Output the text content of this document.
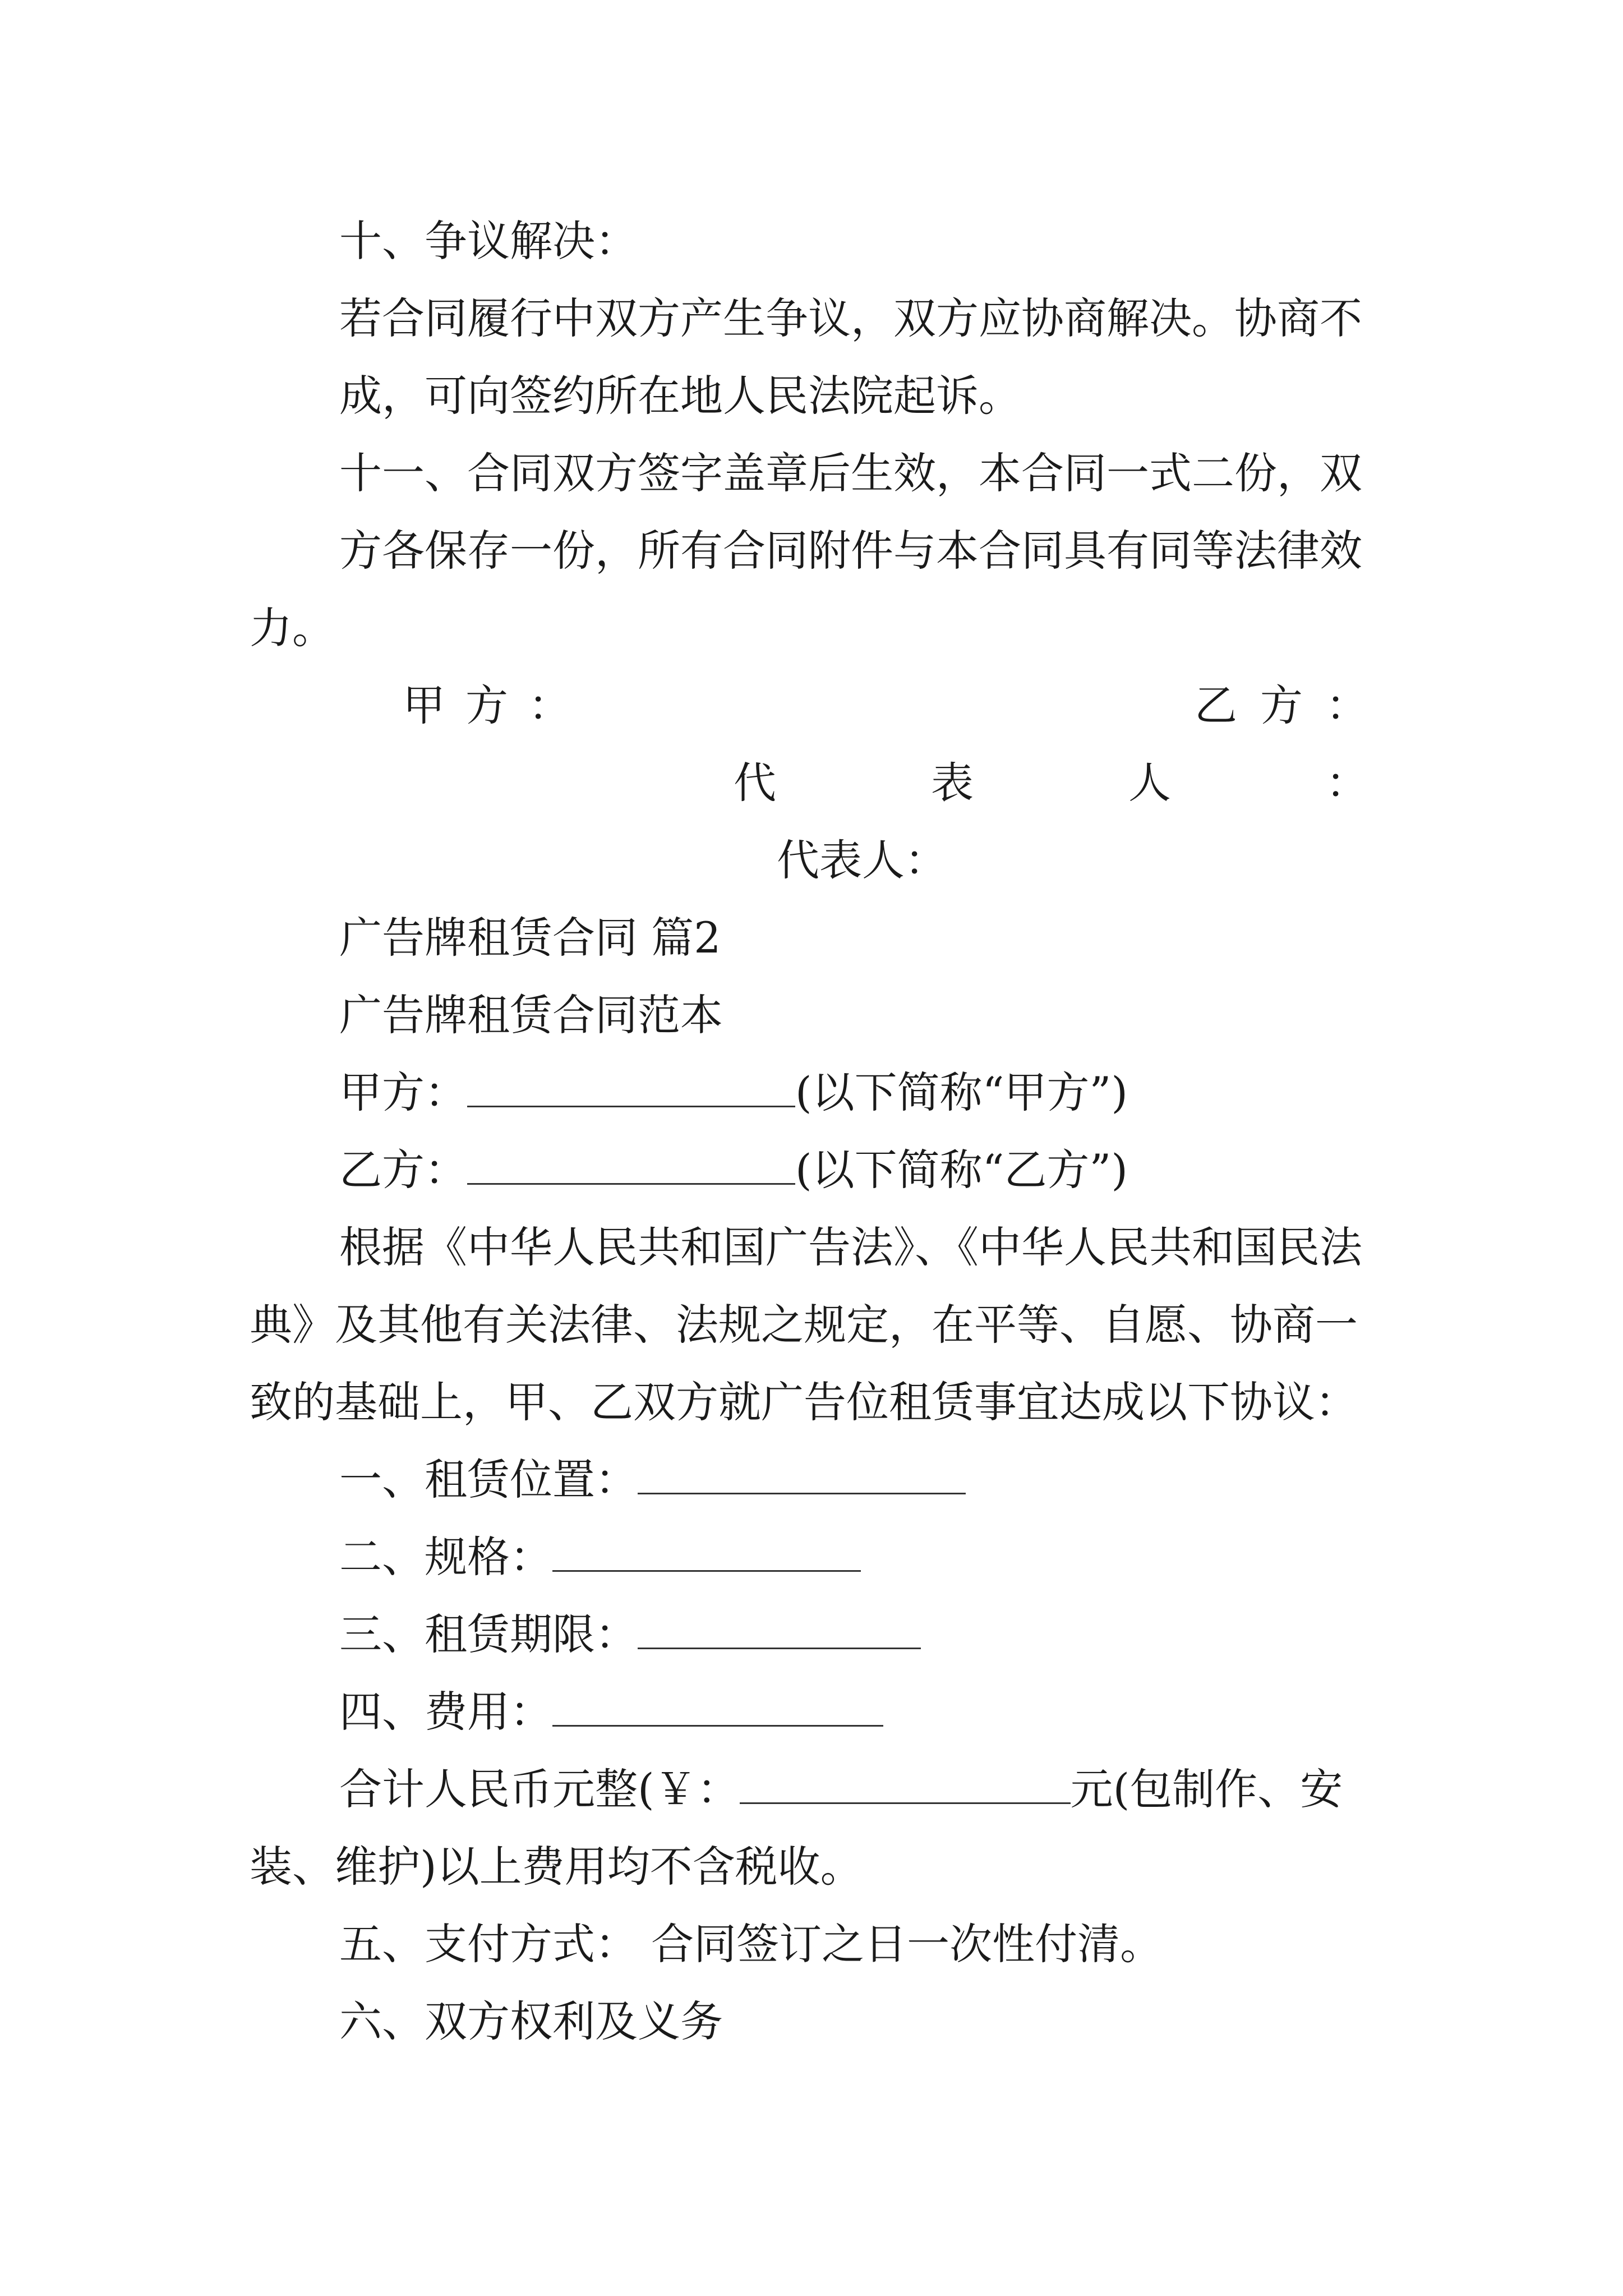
十、争议解决：
若合同履行中双方产生争议，双方应协商解决。协商不
成，可向签约所在地人民法院起诉。
十一、合同双方签字盖章后生效，本合同一式二份，双
方各保存一份，所有合同附件与本合同具有同等法律效
力。
甲 方 ：	乙 方 ：
代	表	人	：
代表人：
广告牌租赁合同 篇2
广告牌租赁合同范本
甲方：	(以下简称“甲方”)
乙方：	(以下简称“乙方”)
根据《中华人民共和国广告法》、《中华人民共和国民法
典》及其他有关法律、法规之规定，在平等、自愿、协商一
致的基础上，甲、乙双方就广告位租赁事宜达成以下协议：
一、租赁位置：
二、规格：
三、租赁期限：
四、费用：
合计人民币元整(￥：	元(包制作、安
装、维护)以上费用均不含税收。
五、支付方式： 合同签订之日一次性付清。
六、双方权利及义务
